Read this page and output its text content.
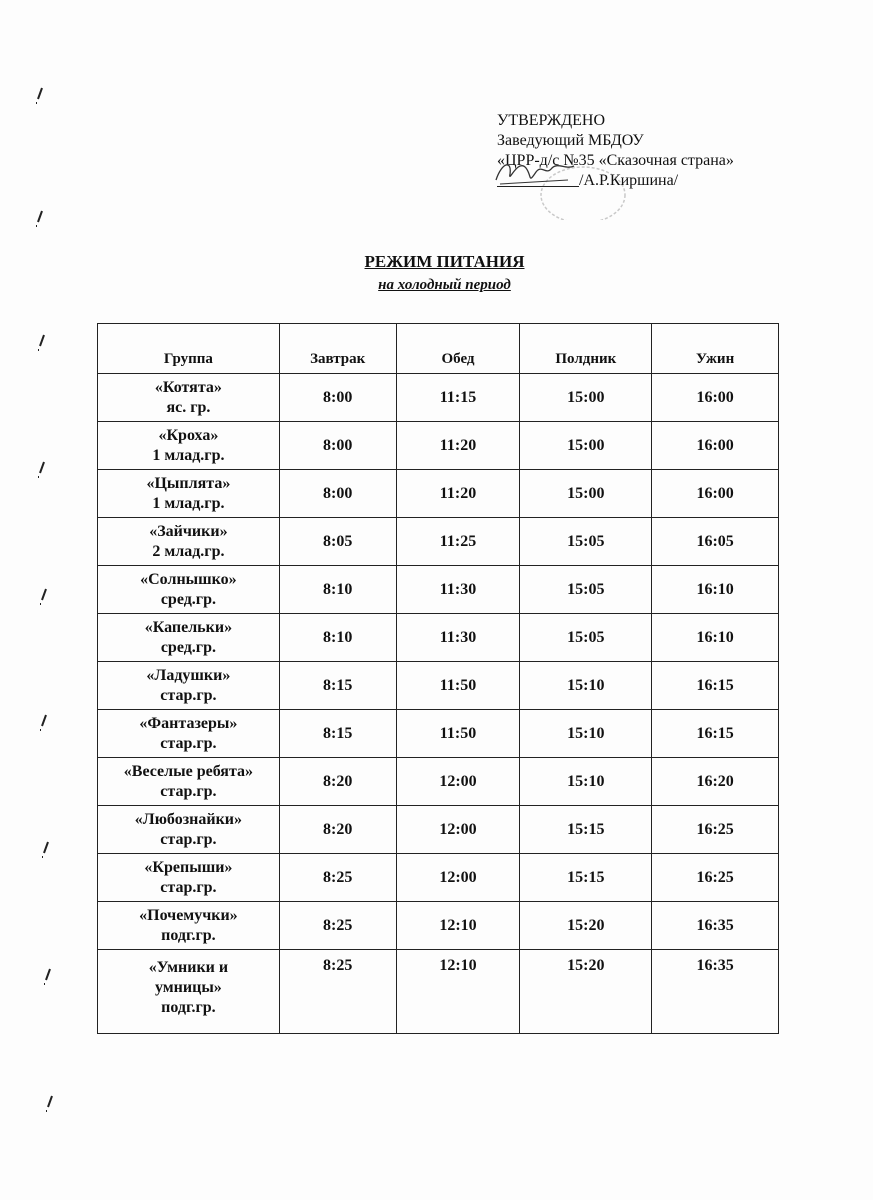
УТВЕРЖДЕНО
Заведующий МБДОУ
«ЦРР-д/с №35 «Сказочная страна»
/А.Р.Киршина/
РЕЖИМ ПИТАНИЯ
на холодный период
Группа	Завтрак	Обед	Полдник	Ужин

«Котята»
яс. гр.	8:00	11:15	15:00	16:00

«Кроха»
1 млад.гр.	8:00	11:20	15:00	16:00

«Цыплята»
1 млад.гр.	8:00	11:20	15:00	16:00

«Зайчики»
2 млад.гр.	8:05	11:25	15:05	16:05

«Солнышко»
сред.гр.	8:10	11:30	15:05	16:10

«Капельки»
сред.гр.	8:10	11:30	15:05	16:10

«Ладушки»
стар.гр.	8:15	11:50	15:10	16:15

«Фантазеры»
стар.гр.	8:15	11:50	15:10	16:15

«Веселые ребята»
стар.гр.	8:20	12:00	15:10	16:20

«Любознайки»
стар.гр.	8:20	12:00	15:15	16:25

«Крепыши»
стар.гр.	8:25	12:00	15:15	16:25

«Почемучки»
подг.гр.	8:25	12:10	15:20	16:35

«Умники и
умницы»
подг.гр.	8:25	12:10	15:20	16:35
